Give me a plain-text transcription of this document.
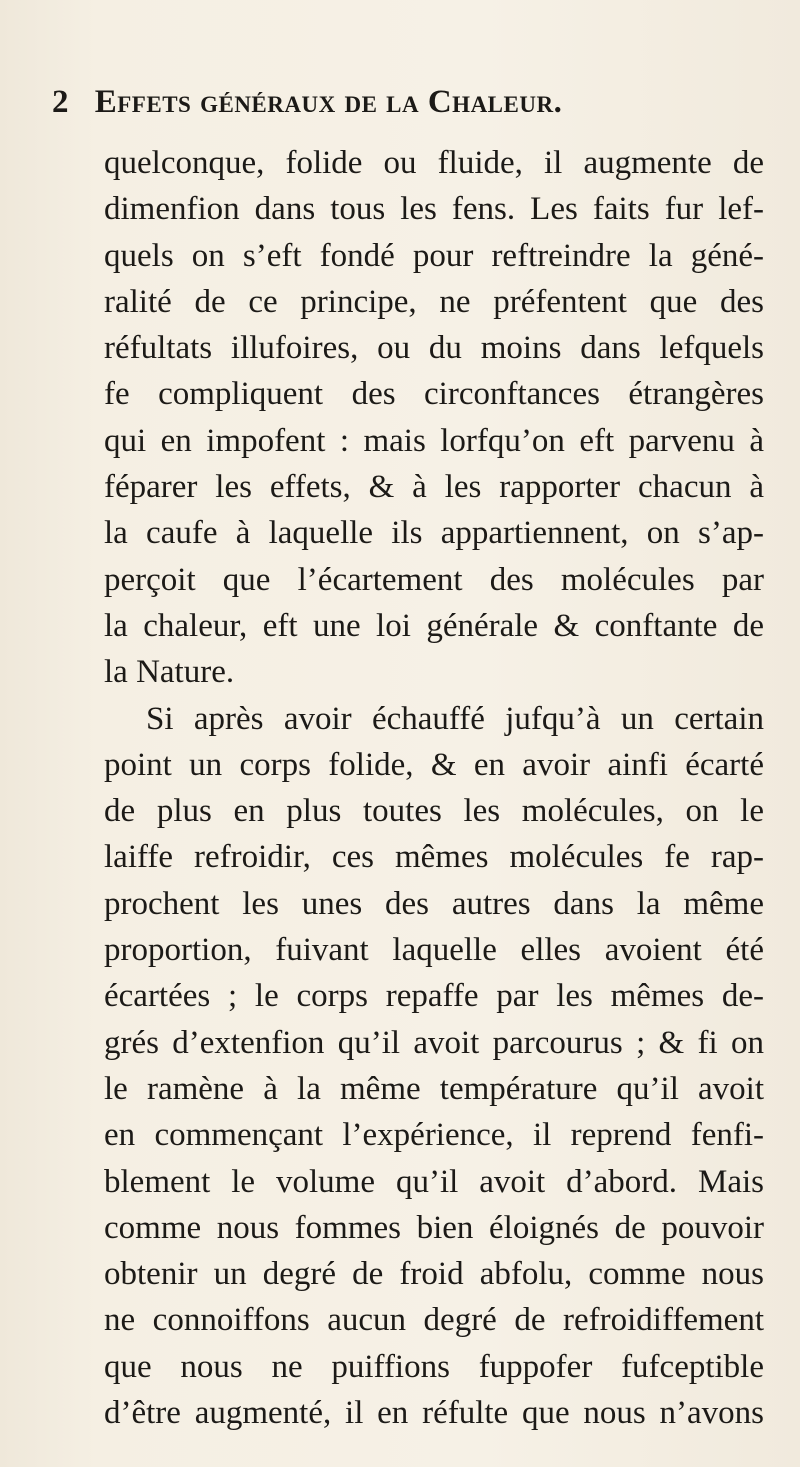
2 Effets généraux de la Chaleur.
quelconque, folide ou fluide, il augmente de
dimenfion dans tous les fens. Les faits fur lef-
quels on s’eft fondé pour reftreindre la géné-
ralité de ce principe, ne préfentent que des
réfultats illufoires, ou du moins dans lefquels
fe compliquent des circonftances étrangères
qui en impofent : mais lorfqu’on eft parvenu à
féparer les effets, & à les rapporter chacun à
la caufe à laquelle ils appartiennent, on s’ap-
perçoit que l’écartement des molécules par
la chaleur, eft une loi générale & conftante de
la Nature.
Si après avoir échauffé jufqu’à un certain
point un corps folide, & en avoir ainfi écarté
de plus en plus toutes les molécules, on le
laiffe refroidir, ces mêmes molécules fe rap-
prochent les unes des autres dans la même
proportion, fuivant laquelle elles avoient été
écartées ; le corps repaffe par les mêmes de-
grés d’extenfion qu’il avoit parcourus ; & fi on
le ramène à la même température qu’il avoit
en commençant l’expérience, il reprend fenfi-
blement le volume qu’il avoit d’abord. Mais
comme nous fommes bien éloignés de pouvoir
obtenir un degré de froid abfolu, comme nous
ne connoiffons aucun degré de refroidiffement
que nous ne puiffions fuppofer fufceptible
d’être augmenté, il en réfulte que nous n’avons
